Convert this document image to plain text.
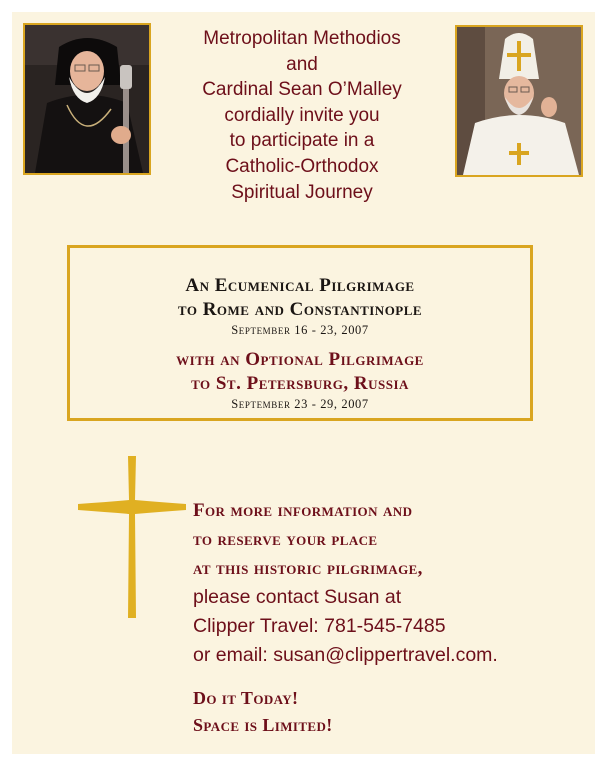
Metropolitan Methodios
and
Cardinal Sean O’Malley
cordially invite you
to participate in a
Catholic-Orthodox
Spiritual Journey
An Ecumenical Pilgrimage
to Rome and Constantinople
September 16 - 23, 2007
with an Optional Pilgrimage
to St. Petersburg, Russia
September 23 - 29, 2007
For more information and
to reserve your place
at this historic pilgrimage,
please contact Susan at
Clipper Travel: 781-545-7485
or email: susan@clippertravel.com.
Do it Today!
Space is Limited!
